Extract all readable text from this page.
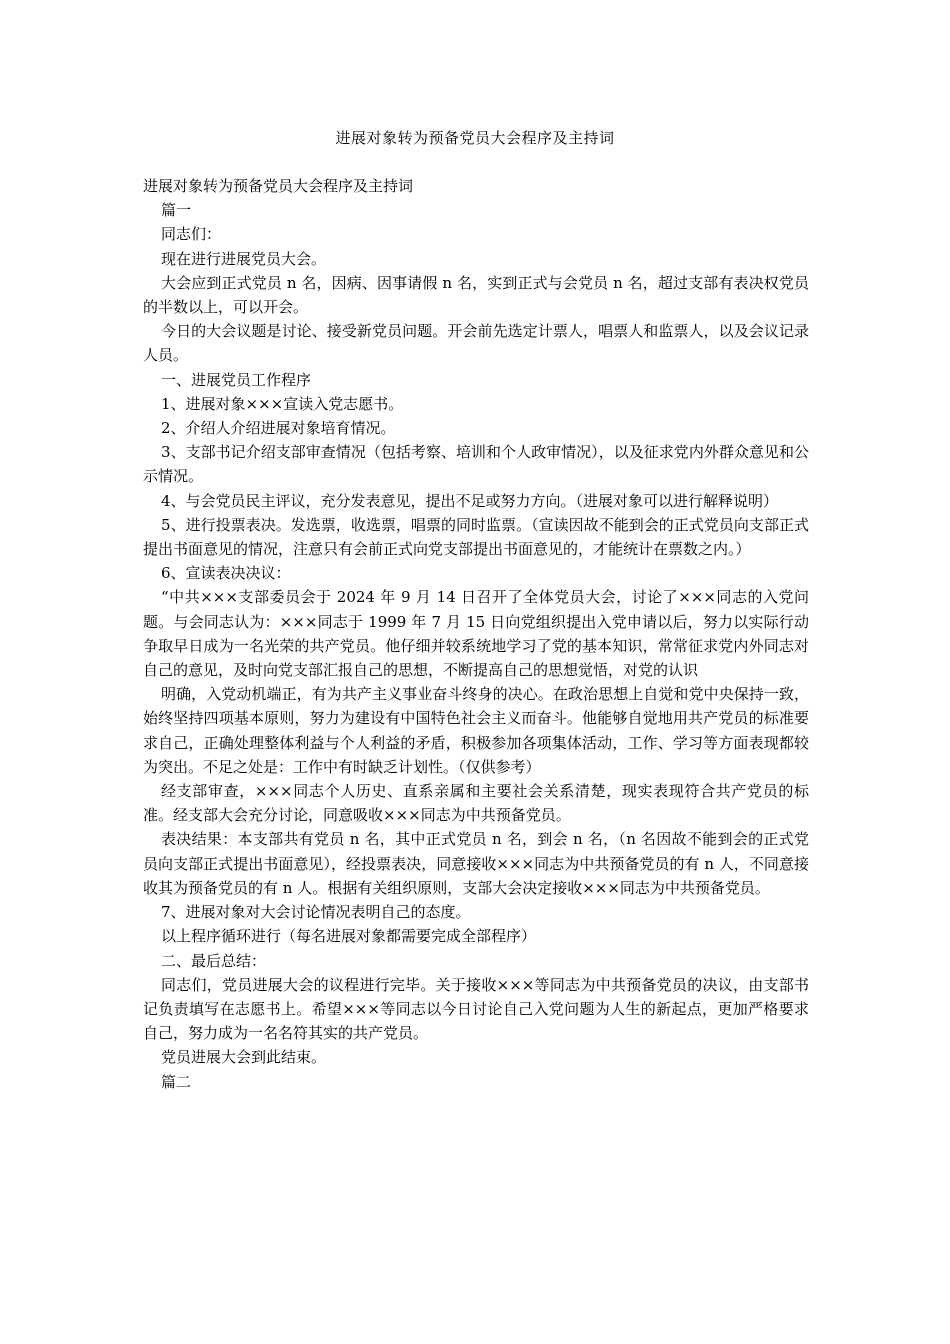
进展对象转为预备党员大会程序及主持词

进展对象转为预备党员大会程序及主持词

篇一

同志们：

现在进行进展党员大会。

大会应到正式党员 n 名，因病、因事请假 n 名，实到正式与会党员 n 名，超过支部有表决权党员的半数以上，可以开会。

今日的大会议题是讨论、接受新党员问题。开会前先选定计票人，唱票人和监票人，以及会议记录人员。

一、进展党员工作程序

1、进展对象×××宣读入党志愿书。

2、介绍人介绍进展对象培育情况。

3、支部书记介绍支部审查情况（包括考察、培训和个人政审情况），以及征求党内外群众意见和公示情况。

4、与会党员民主评议，充分发表意见，提出不足或努力方向。（进展对象可以进行解释说明）

5、进行投票表决。发选票，收选票，唱票的同时监票。（宣读因故不能到会的正式党员向支部正式提出书面意见的情况，注意只有会前正式向党支部提出书面意见的，才能统计在票数之内。）

6、宣读表决决议：

“中共×××支部委员会于 2024 年 9 月 14 日召开了全体党员大会，讨论了×××同志的入党问题。与会同志认为：×××同志于 1999 年 7 月 15 日向党组织提出入党申请以后，努力以实际行动争取早日成为一名光荣的共产党员。他仔细并较系统地学习了党的基本知识，常常征求党内外同志对自己的意见，及时向党支部汇报自己的思想，不断提高自己的思想觉悟，对党的认识

明确，入党动机端正，有为共产主义事业奋斗终身的决心。在政治思想上自觉和党中央保持一致，始终坚持四项基本原则，努力为建设有中国特色社会主义而奋斗。他能够自觉地用共产党员的标准要求自己，正确处理整体利益与个人利益的矛盾，积极参加各项集体活动，工作、学习等方面表现都较为突出。不足之处是：工作中有时缺乏计划性。（仅供参考）

经支部审查，×××同志个人历史、直系亲属和主要社会关系清楚，现实表现符合共产党员的标准。经支部大会充分讨论，同意吸收×××同志为中共预备党员。

表决结果：本支部共有党员 n 名，其中正式党员 n 名，到会 n 名，（n 名因故不能到会的正式党员向支部正式提出书面意见），经投票表决，同意接收×××同志为中共预备党员的有 n 人，不同意接收其为预备党员的有 n 人。根据有关组织原则，支部大会决定接收×××同志为中共预备党员。

7、进展对象对大会讨论情况表明自己的态度。

以上程序循环进行（每名进展对象都需要完成全部程序）

二、最后总结：

同志们，党员进展大会的议程进行完毕。关于接收×××等同志为中共预备党员的决议，由支部书记负责填写在志愿书上。希望×××等同志以今日讨论自己入党问题为人生的新起点，更加严格要求自己，努力成为一名名符其实的共产党员。

党员进展大会到此结束。

篇二
